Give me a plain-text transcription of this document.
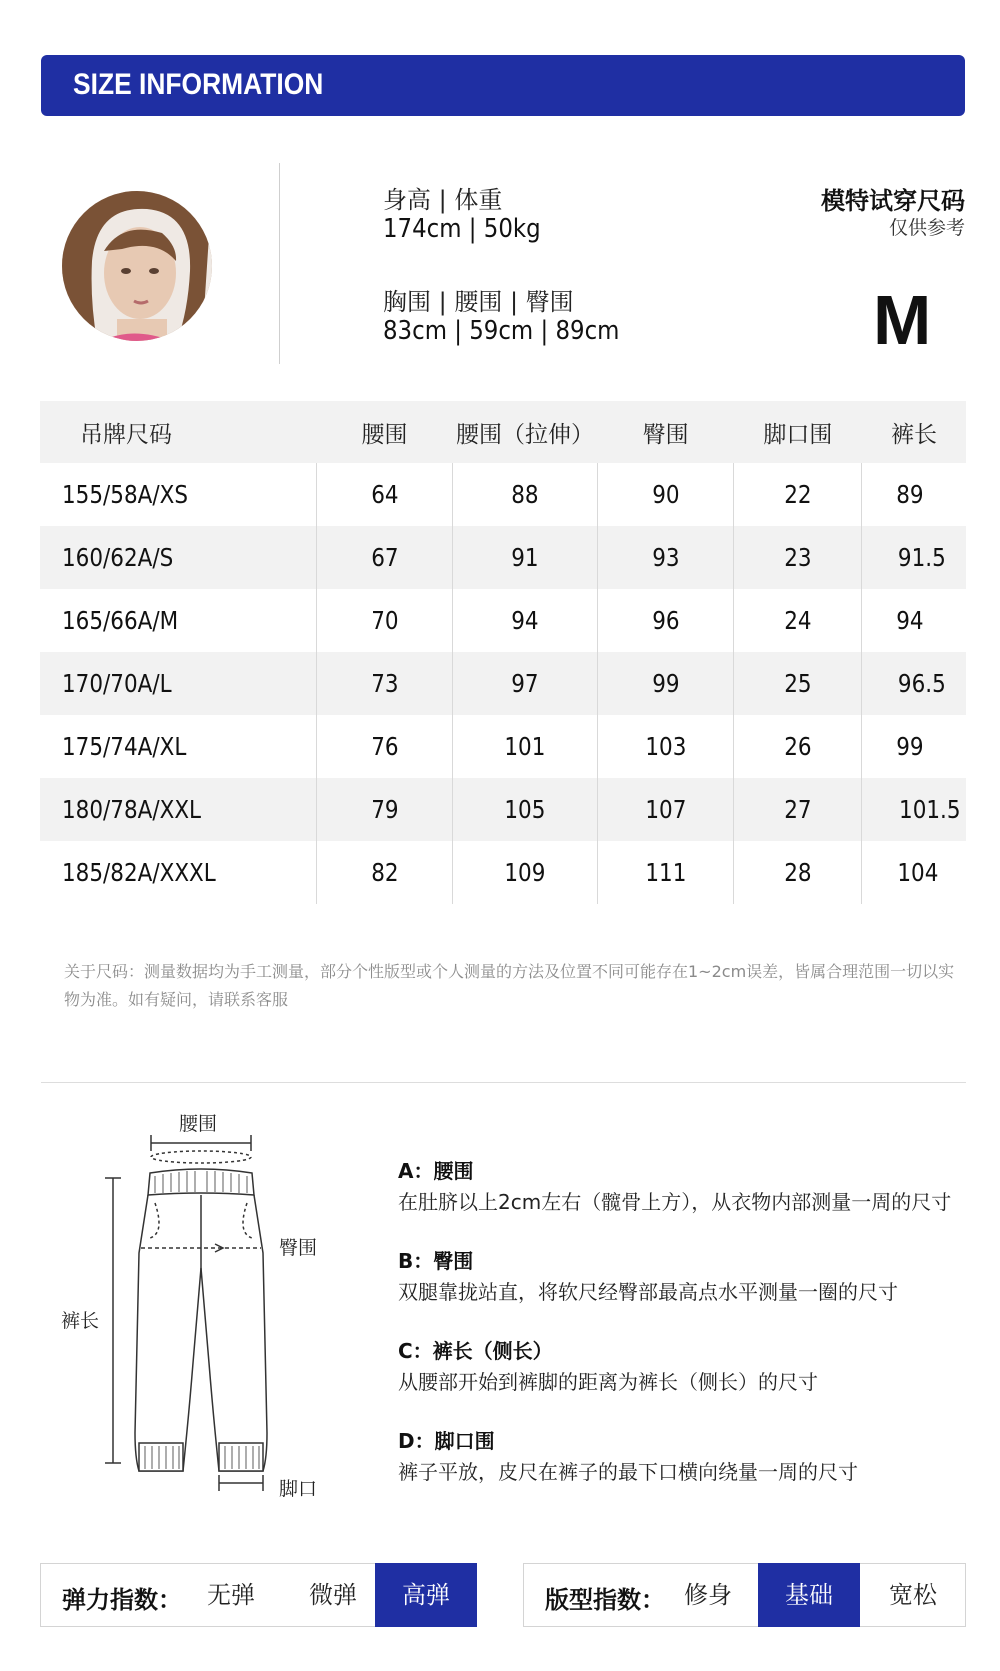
SIZE INFORMATION
身高 | 体重
174cm | 50kg
胸围 | 腰围 | 臀围
83cm | 59cm | 89cm
模特试穿尺码
仅供参考
M
吊牌尺码	腰围	腰围（拉伸）	臀围	脚口围	裤长
155/58A/XS	64	88	90	22	89
160/62A/S	67	91	93	23	91.5
165/66A/M	70	94	96	24	94
170/70A/L	73	97	99	25	96.5
175/74A/XL	76	101	103	26	99
180/78A/XXL	79	105	107	27	101.5
185/82A/XXXL	82	109	111	28	104
关于尺码：测量数据均为手工测量，部分个性版型或个人测量的方法及位置不同可能存在1~2cm误差，皆属合理范围一切以实物为准。如有疑问，请联系客服
腰围
臀围
裤长
脚口
A：腰围
在肚脐以上2cm左右（髋骨上方），从衣物内部测量一周的尺寸
B：臀围
双腿靠拢站直，将软尺经臀部最高点水平测量一圈的尺寸
C：裤长（侧长）
从腰部开始到裤脚的距离为裤长（侧长）的尺寸
D：脚口围
裤子平放，皮尺在裤子的最下口横向绕量一周的尺寸
弹力指数：	无弹	微弹	高弹	版型指数： 修身	基础	宽松
